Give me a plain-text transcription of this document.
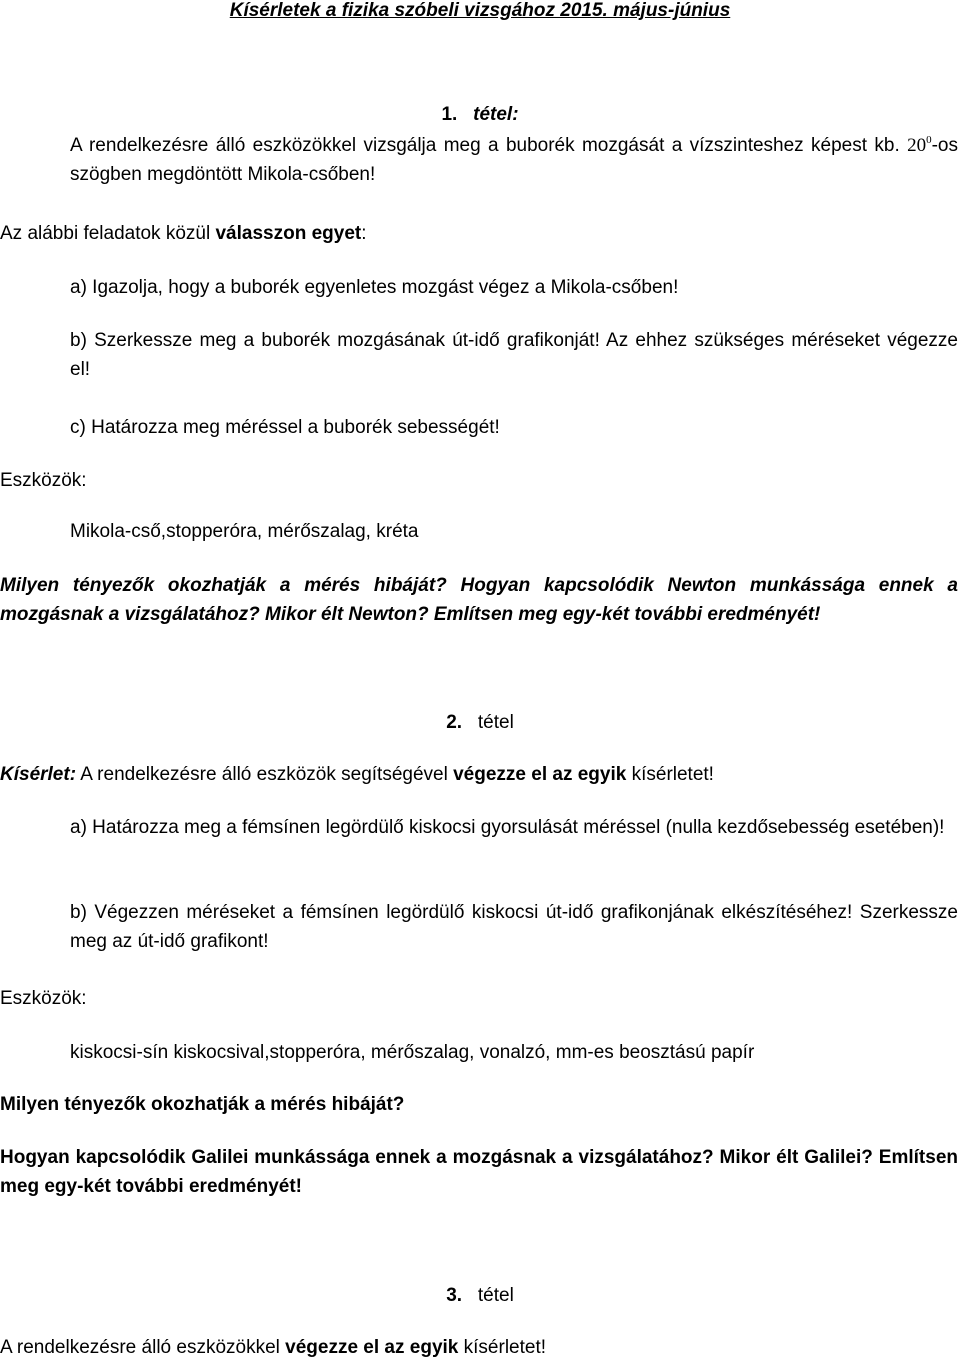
Kísérletek a fizika szóbeli vizsgához 2015. május-június
1. tétel:
A rendelkezésre álló eszközökkel vizsgálja meg a buborék mozgását a vízszinteshez képest kb. $20^0-os$ szögben megdöntött Mikola-csőben!
Az alábbi feladatok közül válasszon egyet:
a) Igazolja, hogy a buborék egyenletes mozgást végez a Mikola-csőben!
b) Szerkessze meg a buborék mozgásának út-idő grafikonját! Az ehhez szükséges méréseket végezze el!
c) Határozza meg méréssel a buborék sebességét!
Eszközök:
Mikola-cső,stopperóra, mérőszalag, kréta
Milyen tényezők okozhatják a mérés hibáját? Hogyan kapcsolódik Newton munkássága ennek a mozgásnak a vizsgálatához? Mikor élt Newton? Említsen meg egy-két további eredményét!
2. tétel
Kísérlet: A rendelkezésre álló eszközök segítségével végezze el az egyik kísérletet!
a) Határozza meg a fémsínen legördülő kiskocsi gyorsulását méréssel (nulla kezdősebesség esetében)!
b) Végezzen méréseket a fémsínen legördülő kiskocsi út-idő grafikonjának elkészítéséhez! Szerkessze meg az út-idő grafikont!
Eszközök:
kiskocsi-sín kiskocsival,stopperóra, mérőszalag, vonalzó, mm-es beosztású papír
Milyen tényezők okozhatják a mérés hibáját?
Hogyan kapcsolódik Galilei munkássága ennek a mozgásnak a vizsgálatához? Mikor élt Galilei? Említsen meg egy-két további eredményét!
3. tétel
A rendelkezésre álló eszközökkel végezze el az egyik kísérletet!
